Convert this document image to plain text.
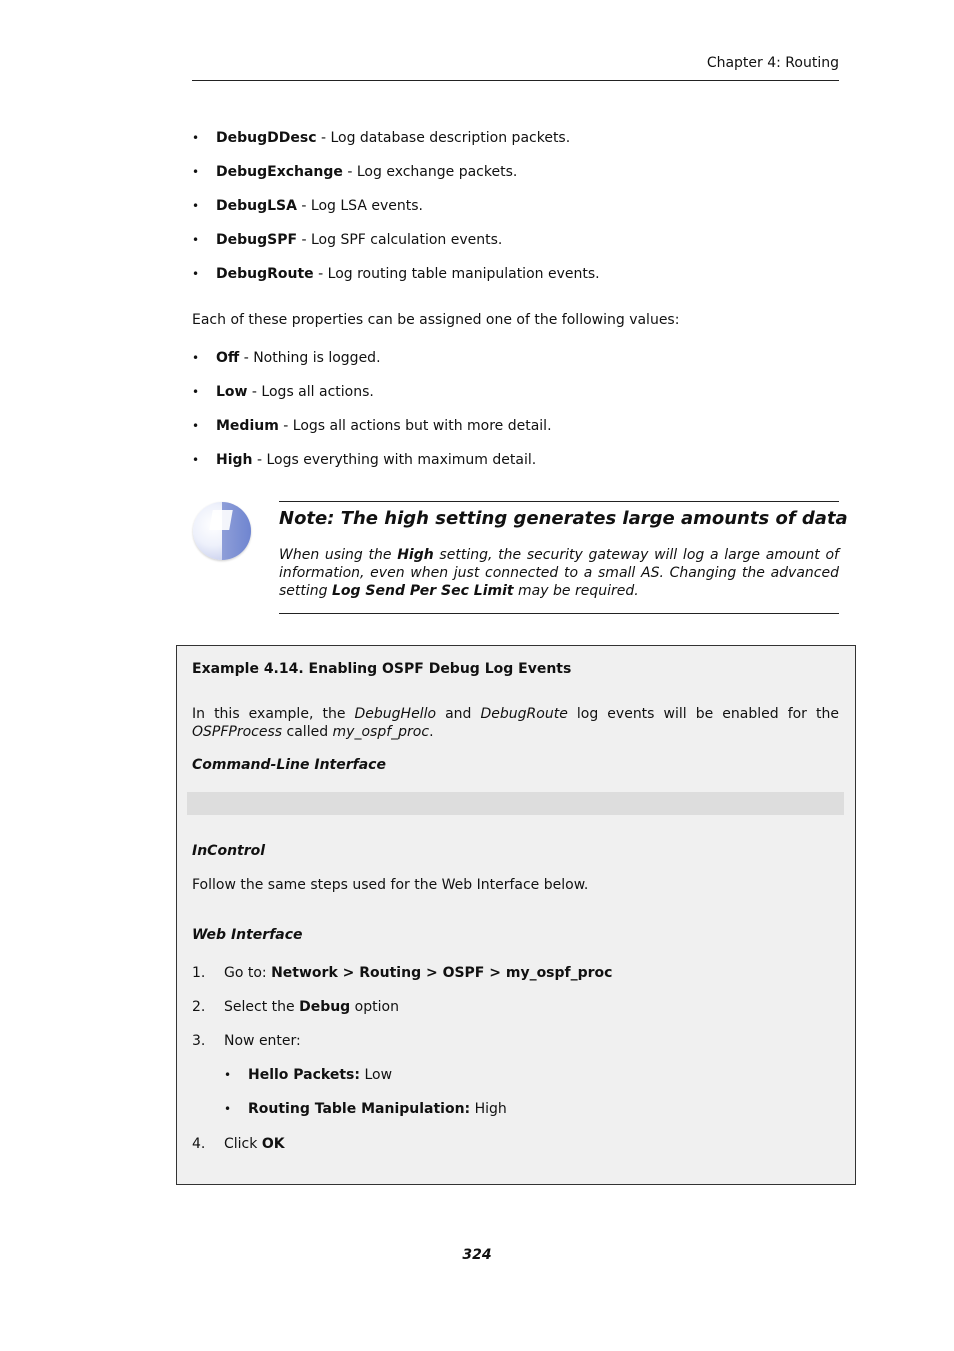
Chapter 4: Routing
• DebugDDesc - Log database description packets.
• DebugExchange - Log exchange packets.
• DebugLSA - Log LSA events.
• DebugSPF - Log SPF calculation events.
• DebugRoute - Log routing table manipulation events.
Each of these properties can be assigned one of the following values:
• Off - Nothing is logged.
• Low - Logs all actions.
• Medium - Logs all actions but with more detail.
• High - Logs everything with maximum detail.
Note: The high setting generates large amounts of data
When using the High setting, the security gateway will log a large amount of information, even when just connected to a small AS. Changing the advanced setting Log Send Per Sec Limit may be required.
Example 4.14. Enabling OSPF Debug Log Events
In this example, the DebugHello and DebugRoute log events will be enabled for the OSPFProcess called my_ospf_proc.
Command-Line Interface
InControl
Follow the same steps used for the Web Interface below.
Web Interface
1. Go to: Network > Routing > OSPF > my_ospf_proc
2. Select the Debug option
3. Now enter:
• Hello Packets: Low
• Routing Table Manipulation: High
4. Click OK
324
